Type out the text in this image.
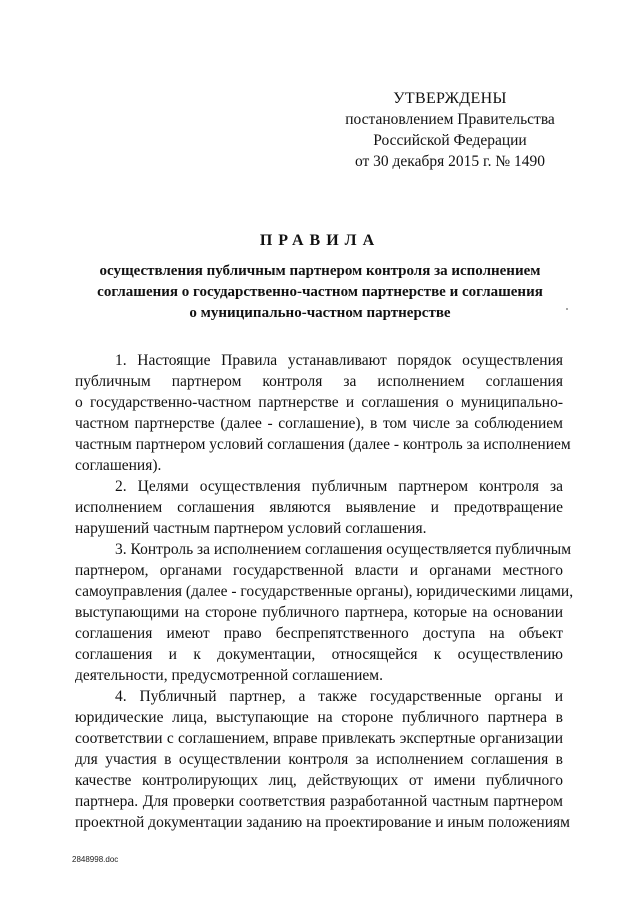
УТВЕРЖДЕНЫ
постановлением Правительства
Российской Федерации
от 30 декабря 2015 г. № 1490
ПРАВИЛА
осуществления публичным партнером контроля за исполнением
соглашения о государственно-частном партнерстве и соглашения
о муниципально-частном партнерстве
1. Настоящие Правила устанавливают порядок осуществления
публичным партнером контроля за исполнением соглашения
о государственно-частном партнерстве и соглашения о муниципально-
частном партнерстве (далее - соглашение), в том числе за соблюдением
частным партнером условий соглашения (далее - контроль за исполнением
соглашения).
2. Целями осуществления публичным партнером контроля за
исполнением соглашения являются выявление и предотвращение
нарушений частным партнером условий соглашения.
3. Контроль за исполнением соглашения осуществляется публичным
партнером, органами государственной власти и органами местного
самоуправления (далее - государственные органы), юридическими лицами,
выступающими на стороне публичного партнера, которые на основании
соглашения имеют право беспрепятственного доступа на объект
соглашения и к документации, относящейся к осуществлению
деятельности, предусмотренной соглашением.
4. Публичный партнер, а также государственные органы и
юридические лица, выступающие на стороне публичного партнера в
соответствии с соглашением, вправе привлекать экспертные организации
для участия в осуществлении контроля за исполнением соглашения в
качестве контролирующих лиц, действующих от имени публичного
партнера. Для проверки соответствия разработанной частным партнером
проектной документации заданию на проектирование и иным положениям
2848998.doc
